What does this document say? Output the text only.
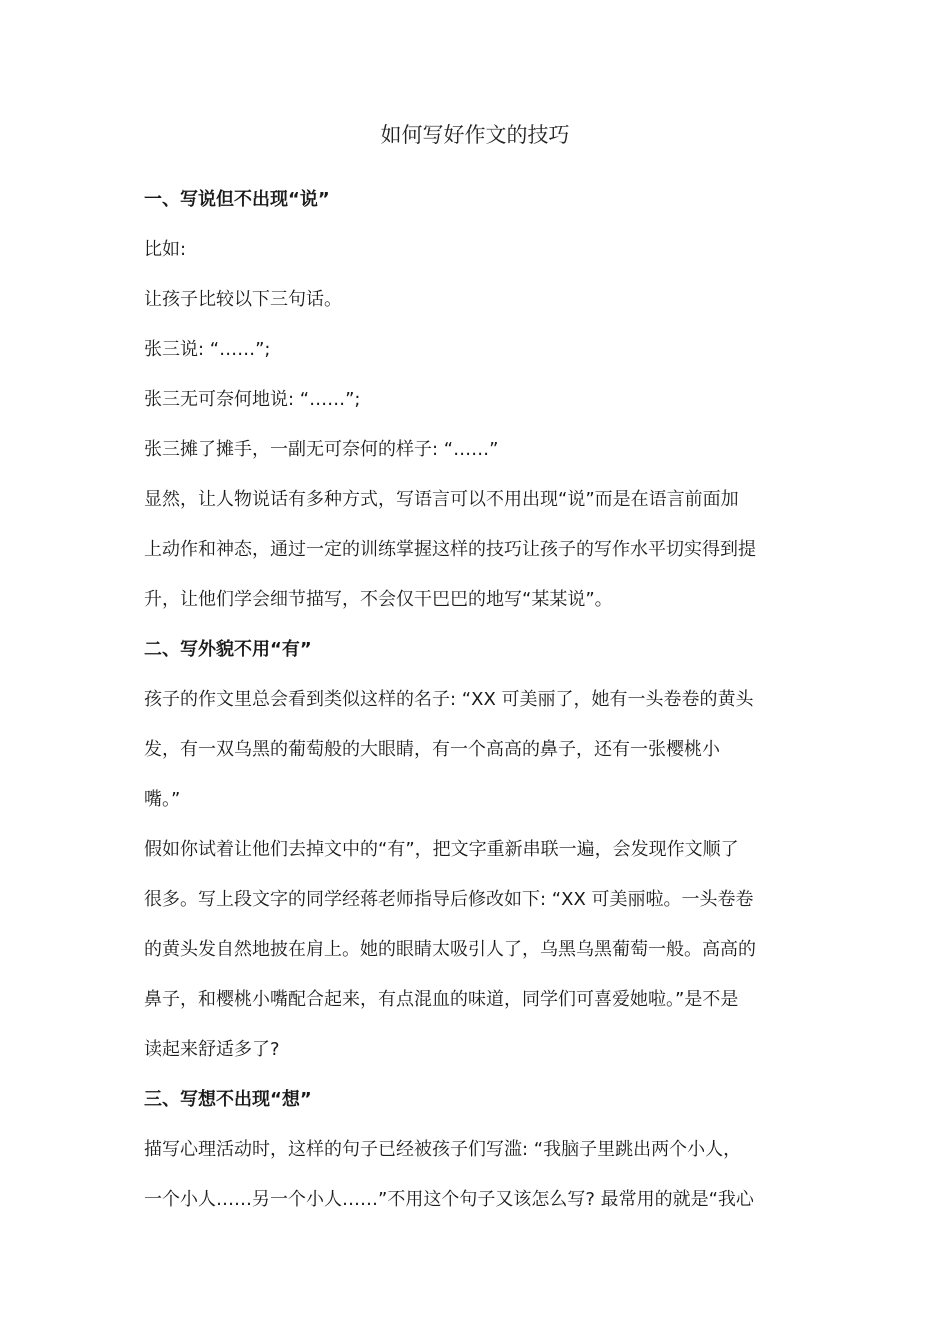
如何写好作文的技巧
一、写说但不出现“说”
比如:
让孩子比较以下三句话。
张三说: “……”;
张三无可奈何地说: “……”;
张三摊了摊手，一副无可奈何的样子: “……”
显然，让人物说话有多种方式，写语言可以不用出现“说”而是在语言前面加
上动作和神态，通过一定的训练掌握这样的技巧让孩子的写作水平切实得到提
升，让他们学会细节描写，不会仅干巴巴的地写“某某说”。
二、写外貌不用“有”
孩子的作文里总会看到类似这样的名子: “XX 可美丽了，她有一头卷卷的黄头
发，有一双乌黑的葡萄般的大眼睛，有一个高高的鼻子，还有一张樱桃小
嘴。”
假如你试着让他们去掉文中的“有”，把文字重新串联一遍，会发现作文顺了
很多。写上段文字的同学经蒋老师指导后修改如下: “XX 可美丽啦。一头卷卷
的黄头发自然地披在肩上。她的眼睛太吸引人了，乌黑乌黑葡萄一般。高高的
鼻子，和樱桃小嘴配合起来，有点混血的味道，同学们可喜爱她啦。”是不是
读起来舒适多了?
三、写想不出现“想”
描写心理活动时，这样的句子已经被孩子们写滥: “我脑子里跳出两个小人，
一个小人……另一个小人……”不用这个句子又该怎么写? 最常用的就是“我心
